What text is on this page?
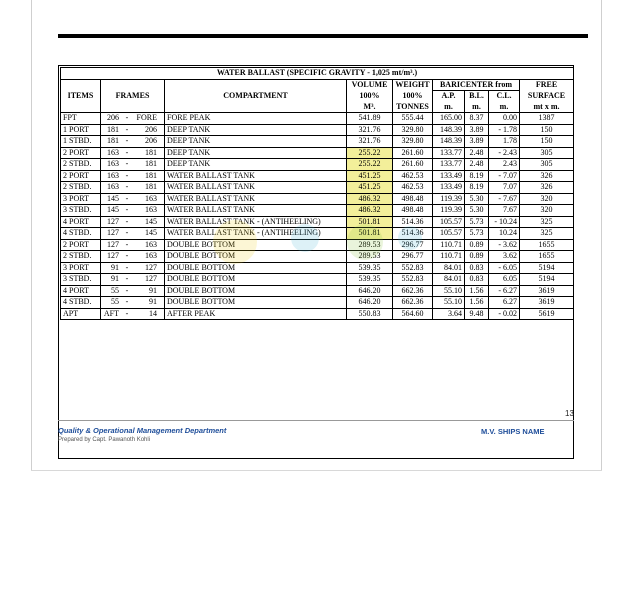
WATER BALLAST (SPECIFIC GRAVITY - 1,025 mt/m³.)								
ITEMS	FRAMES	COMPARTMENT	VOLUME	WEIGHT	BARICENTER from			FREE
			100%	100%	A.P.	B.L.	C.L.	SURFACE
			M³.	TONNES	m.	m.	m.	mt x m.
FPT	206 - FORE	FORE PEAK	541.89	555.44	165.00	8.37	0.00	1387
1 PORT	181 - 206	DEEP TANK	321.76	329.80	148.39	3.89	- 1.78	150
1 STBD.	181 - 206	DEEP TANK	321.76	329.80	148.39	3.89	1.78	150
2 PORT	163 - 181	DEEP TANK	255.22	261.60	133.77	2.48	- 2.43	305
2 STBD.	163 - 181	DEEP TANK	255.22	261.60	133.77	2.48	2.43	305
2 PORT	163 - 181	WATER BALLAST TANK	451.25	462.53	133.49	8.19	- 7.07	326
2 STBD.	163 - 181	WATER BALLAST TANK	451.25	462.53	133.49	8.19	7.07	326
3 PORT	145 - 163	WATER BALLAST TANK	486.32	498.48	119.39	5.30	- 7.67	320
3 STBD.	145 - 163	WATER BALLAST TANK	486.32	498.48	119.39	5.30	7.67	320
4 PORT	127 - 145	WATER BALLAST TANK - (ANTIHEELING)	501.81	514.36	105.57	5.73	- 10.24	325
4 STBD.	127 - 145	WATER BALLAST TANK - (ANTIHEELING)	501.81	514.36	105.57	5.73	10.24	325
2 PORT	127 - 163	DOUBLE BOTTOM	289.53	296.77	110.71	0.89	- 3.62	1655
2 STBD.	127 - 163	DOUBLE BOTTOM	289.53	296.77	110.71	0.89	3.62	1655
3 PORT	91 - 127	DOUBLE BOTTOM	539.35	552.83	84.01	0.83	- 6.05	5194
3 STBD.	91 - 127	DOUBLE BOTTOM	539.35	552.83	84.01	0.83	6.05	5194
4 PORT	55 - 91	DOUBLE BOTTOM	646.20	662.36	55.10	1.56	- 6.27	3619
4 STBD.	55 - 91	DOUBLE BOTTOM	646.20	662.36	55.10	1.56	6.27	3619
APT	AFT - 14	AFTER PEAK	550.83	564.60	3.64	9.48	- 0.02	5619
13
Quality & Operational Management Department
Prepared by Capt. Pawanoth Kohli
M.V. SHIPS NAME
